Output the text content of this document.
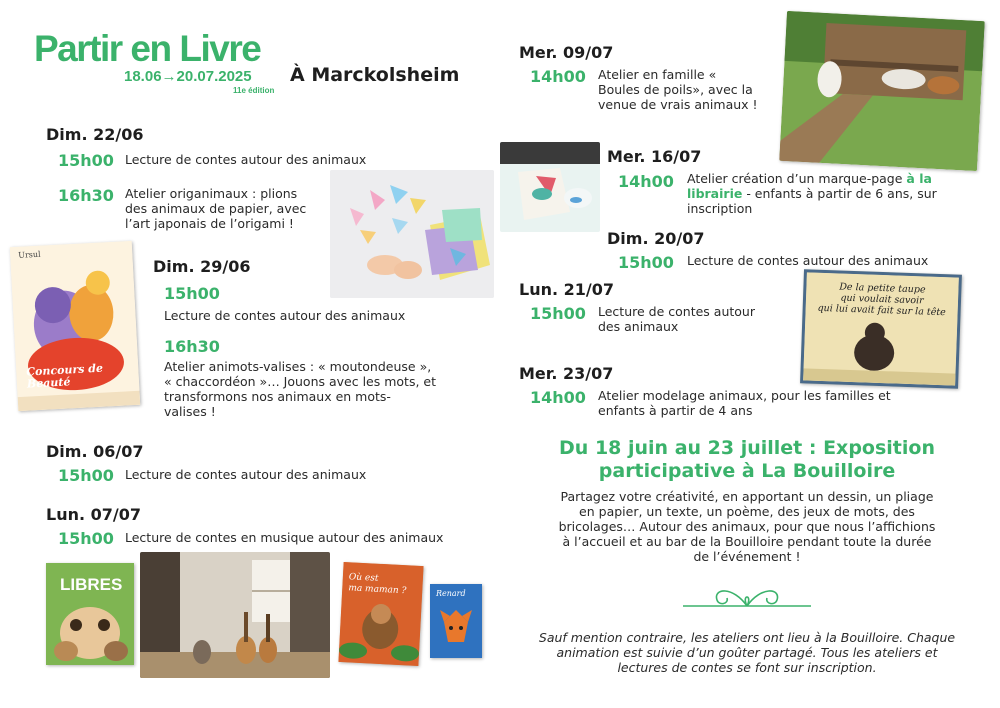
Partir en Livre
18.06→20.07.2025
11e édition
À Marckolsheim
Dim. 22/06
15h00 Lecture de contes autour des animaux
16h30 Atelier origanimaux : plions
des animaux de papier, avec
l’art japonais de l’origami !
Ursul
Concours de Beauté
Dim. 29/06
15h00
Lecture de contes autour des animaux
16h30
Atelier animots-valises : « moutondeuse »,
« chaccordéon »… Jouons avec les mots, et
transformons nos animaux en mots-
valises !
Dim. 06/07
15h00 Lecture de contes autour des animaux
Lun. 07/07
15h00 Lecture de contes en musique autour des animaux
LIBRES	Où est
ma maman ?	Renard
Mer. 09/07
14h00 Atelier en famille «
Boules de poils», avec la
venue de vrais animaux !
Mer. 16/07
14h00 Atelier création d’un marque-page à la
librairie - enfants à partir de 6 ans, sur
inscription
Dim. 20/07
15h00 Lecture de contes autour des animaux
Lun. 21/07
15h00 Lecture de contes autour
des animaux
De la petite taupe
qui voulait savoir
qui lui avait fait sur la tête
Mer. 23/07
14h00 Atelier modelage animaux, pour les familles et
enfants à partir de 4 ans
Du 18 juin au 23 juillet : Exposition
participative à La Bouilloire
Partagez votre créativité, en apportant un dessin, un pliage
en papier, un texte, un poème, des jeux de mots, des
bricolages… Autour des animaux, pour que nous l’affichions
à l’accueil et au bar de la Bouilloire pendant toute la durée
de l’événement !
Sauf mention contraire, les ateliers ont lieu à la Bouilloire. Chaque
animation est suivie d’un goûter partagé. Tous les ateliers et
lectures de contes se font sur inscription.
